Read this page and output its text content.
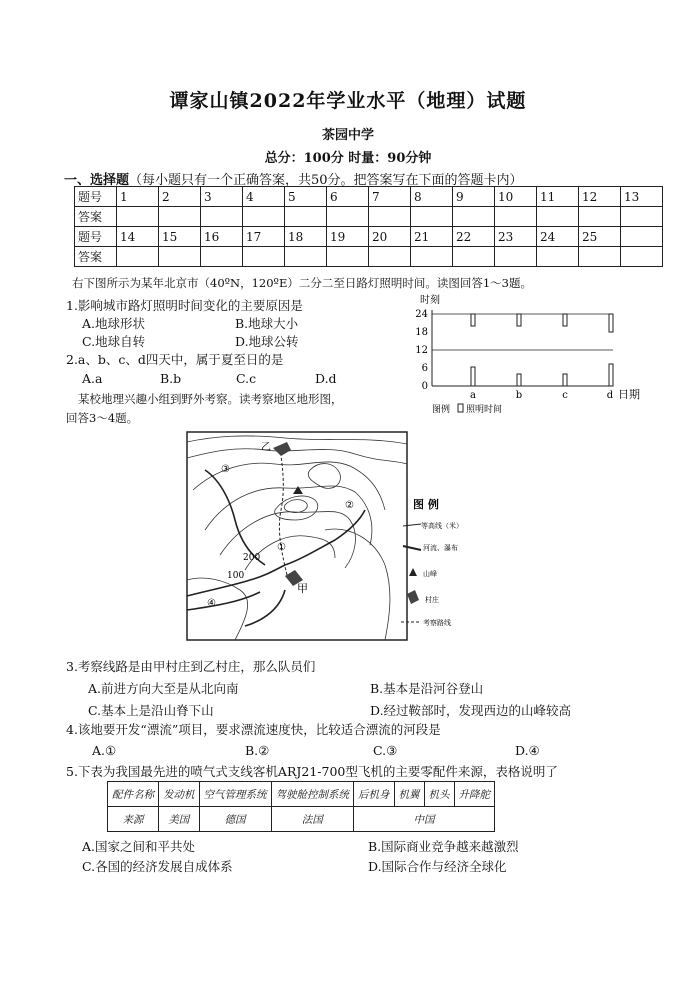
谭家山镇2022年学业水平（地理）试题
茶园中学
总分：100分 时量：90分钟
一、选择题（每小题只有一个正确答案，共50分。把答案写在下面的答题卡内）
题号	1	2	3	4	5	6	7	8	9	10	11	12	13
答案													
题号	14	15	16	17	18	19	20	21	22	23	24	25	
答案													
右下图所示为某年北京市（40ºN，120ºE）二分二至日路灯照明时间。读图回答1～3题。
1.影响城市路灯照明时间变化的主要原因是
A.地球形状	B.地球大小
C.地球自转	D.地球公转
2.a、b、c、d四天中，属于夏至日的是
A.a	B.b	C.c	D.d
某校地理兴趣小组到野外考察。读考察地区地形图，
回答3～4题。
时刻
24
18
12
6
0
a	b	c	d 日期
图例 照明时间
甲
乙
200
100
③
①
②
④
图 例
等高线（米）
河流、瀑布
山峰
村庄
考察路线
3.考察线路是由甲村庄到乙村庄，那么队员们
A.前进方向大至是从北向南	B.基本是沿河谷登山
C.基本上是沿山脊下山	D.经过鞍部时，发现西边的山峰较高
4.该地要开发“漂流”项目，要求漂流速度快，比较适合漂流的河段是
A.①	B.②	C.③	D.④
5.下表为我国最先进的喷气式支线客机ARJ21-700型飞机的主要零配件来源，表格说明了
配件名称	发动机	空气管理系统	驾驶舱控制系统	后机身	机翼	机头	升降舵
来源	美国	德国	法国	中国			
A.国家之间和平共处	B.国际商业竞争越来越激烈
C.各国的经济发展自成体系	D.国际合作与经济全球化
